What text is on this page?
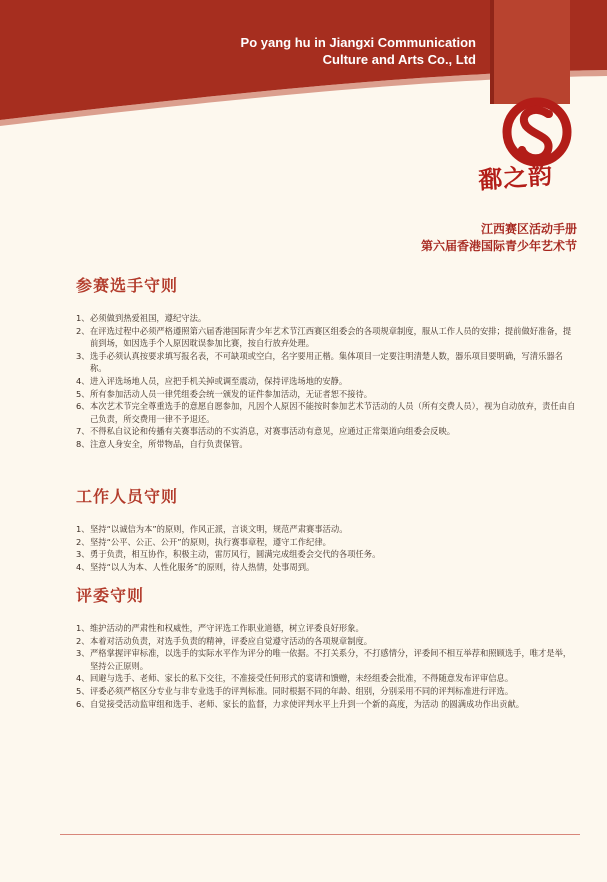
Po yang hu in Jiangxi Communication
Culture and Arts Co., Ltd
鄱之韵
江西赛区活动手册
第六届香港国际青少年艺术节
参赛选手守则
1、必须做到热爱祖国，遵纪守法。
2、在评选过程中必须严格遵照第六届香港国际青少年艺术节江西赛区组委会的各项规章制度，服从工作人员的安排；提前做好准备，提前到场，如因选手个人原因耽误参加比赛，按自行放弃处理。
3、选手必须认真按要求填写报名表，不可缺项或空白，名字要用正楷。集体项目一定要注明清楚人数，器乐项目要明确，写清乐器名称。
4、进入评选场地人员，应把手机关掉或调至震动，保持评选场地的安静。
5、所有参加活动人员一律凭组委会统一颁发的证件参加活动，无证者恕不接待。
6、本次艺术节完全尊重选手的意愿自愿参加，凡因个人原因不能按时参加艺术节活动的人员（所有交费人员），视为自动放弃，责任由自己负责，所交费用一律不予退还。
7、不得私自议论和传播有关赛事活动的不实消息，对赛事活动有意见，应通过正常渠道向组委会反映。
8、注意人身安全，所带物品，自行负责保管。
工作人员守则
1、坚持“以诚信为本”的原则，作风正派，言谈文明，规范严肃赛事活动。
2、坚持“公平、公正、公开”的原则，执行赛事章程，遵守工作纪律。
3、勇于负责，相互协作，积极主动，雷厉风行，圆满完成组委会交代的各项任务。
4、坚持“以人为本、人性化服务”的原则，待人热情，处事周到。
评委守则
1、维护活动的严肃性和权威性，严守评选工作职业道德，树立评委良好形象。
2、本着对活动负责，对选手负责的精神，评委应自觉遵守活动的各项规章制度。
3、严格掌握评审标准，以选手的实际水平作为评分的唯一依据。不打关系分，不打感情分，评委间不相互举荐和照顾选手，唯才是举，坚持公正原则。
4、回避与选手、老师、家长的私下交往，不准接受任何形式的宴请和馈赠，未经组委会批准，不得随意发布评审信息。
5、评委必须严格区分专业与非专业选手的评判标准。同时根据不同的年龄、组别，分别采用不同的评判标准进行评选。
6、自觉接受活动监审组和选手、老师、家长的监督，力求使评判水平上升到一个新的高度，为活动 的圆满成功作出贡献。
